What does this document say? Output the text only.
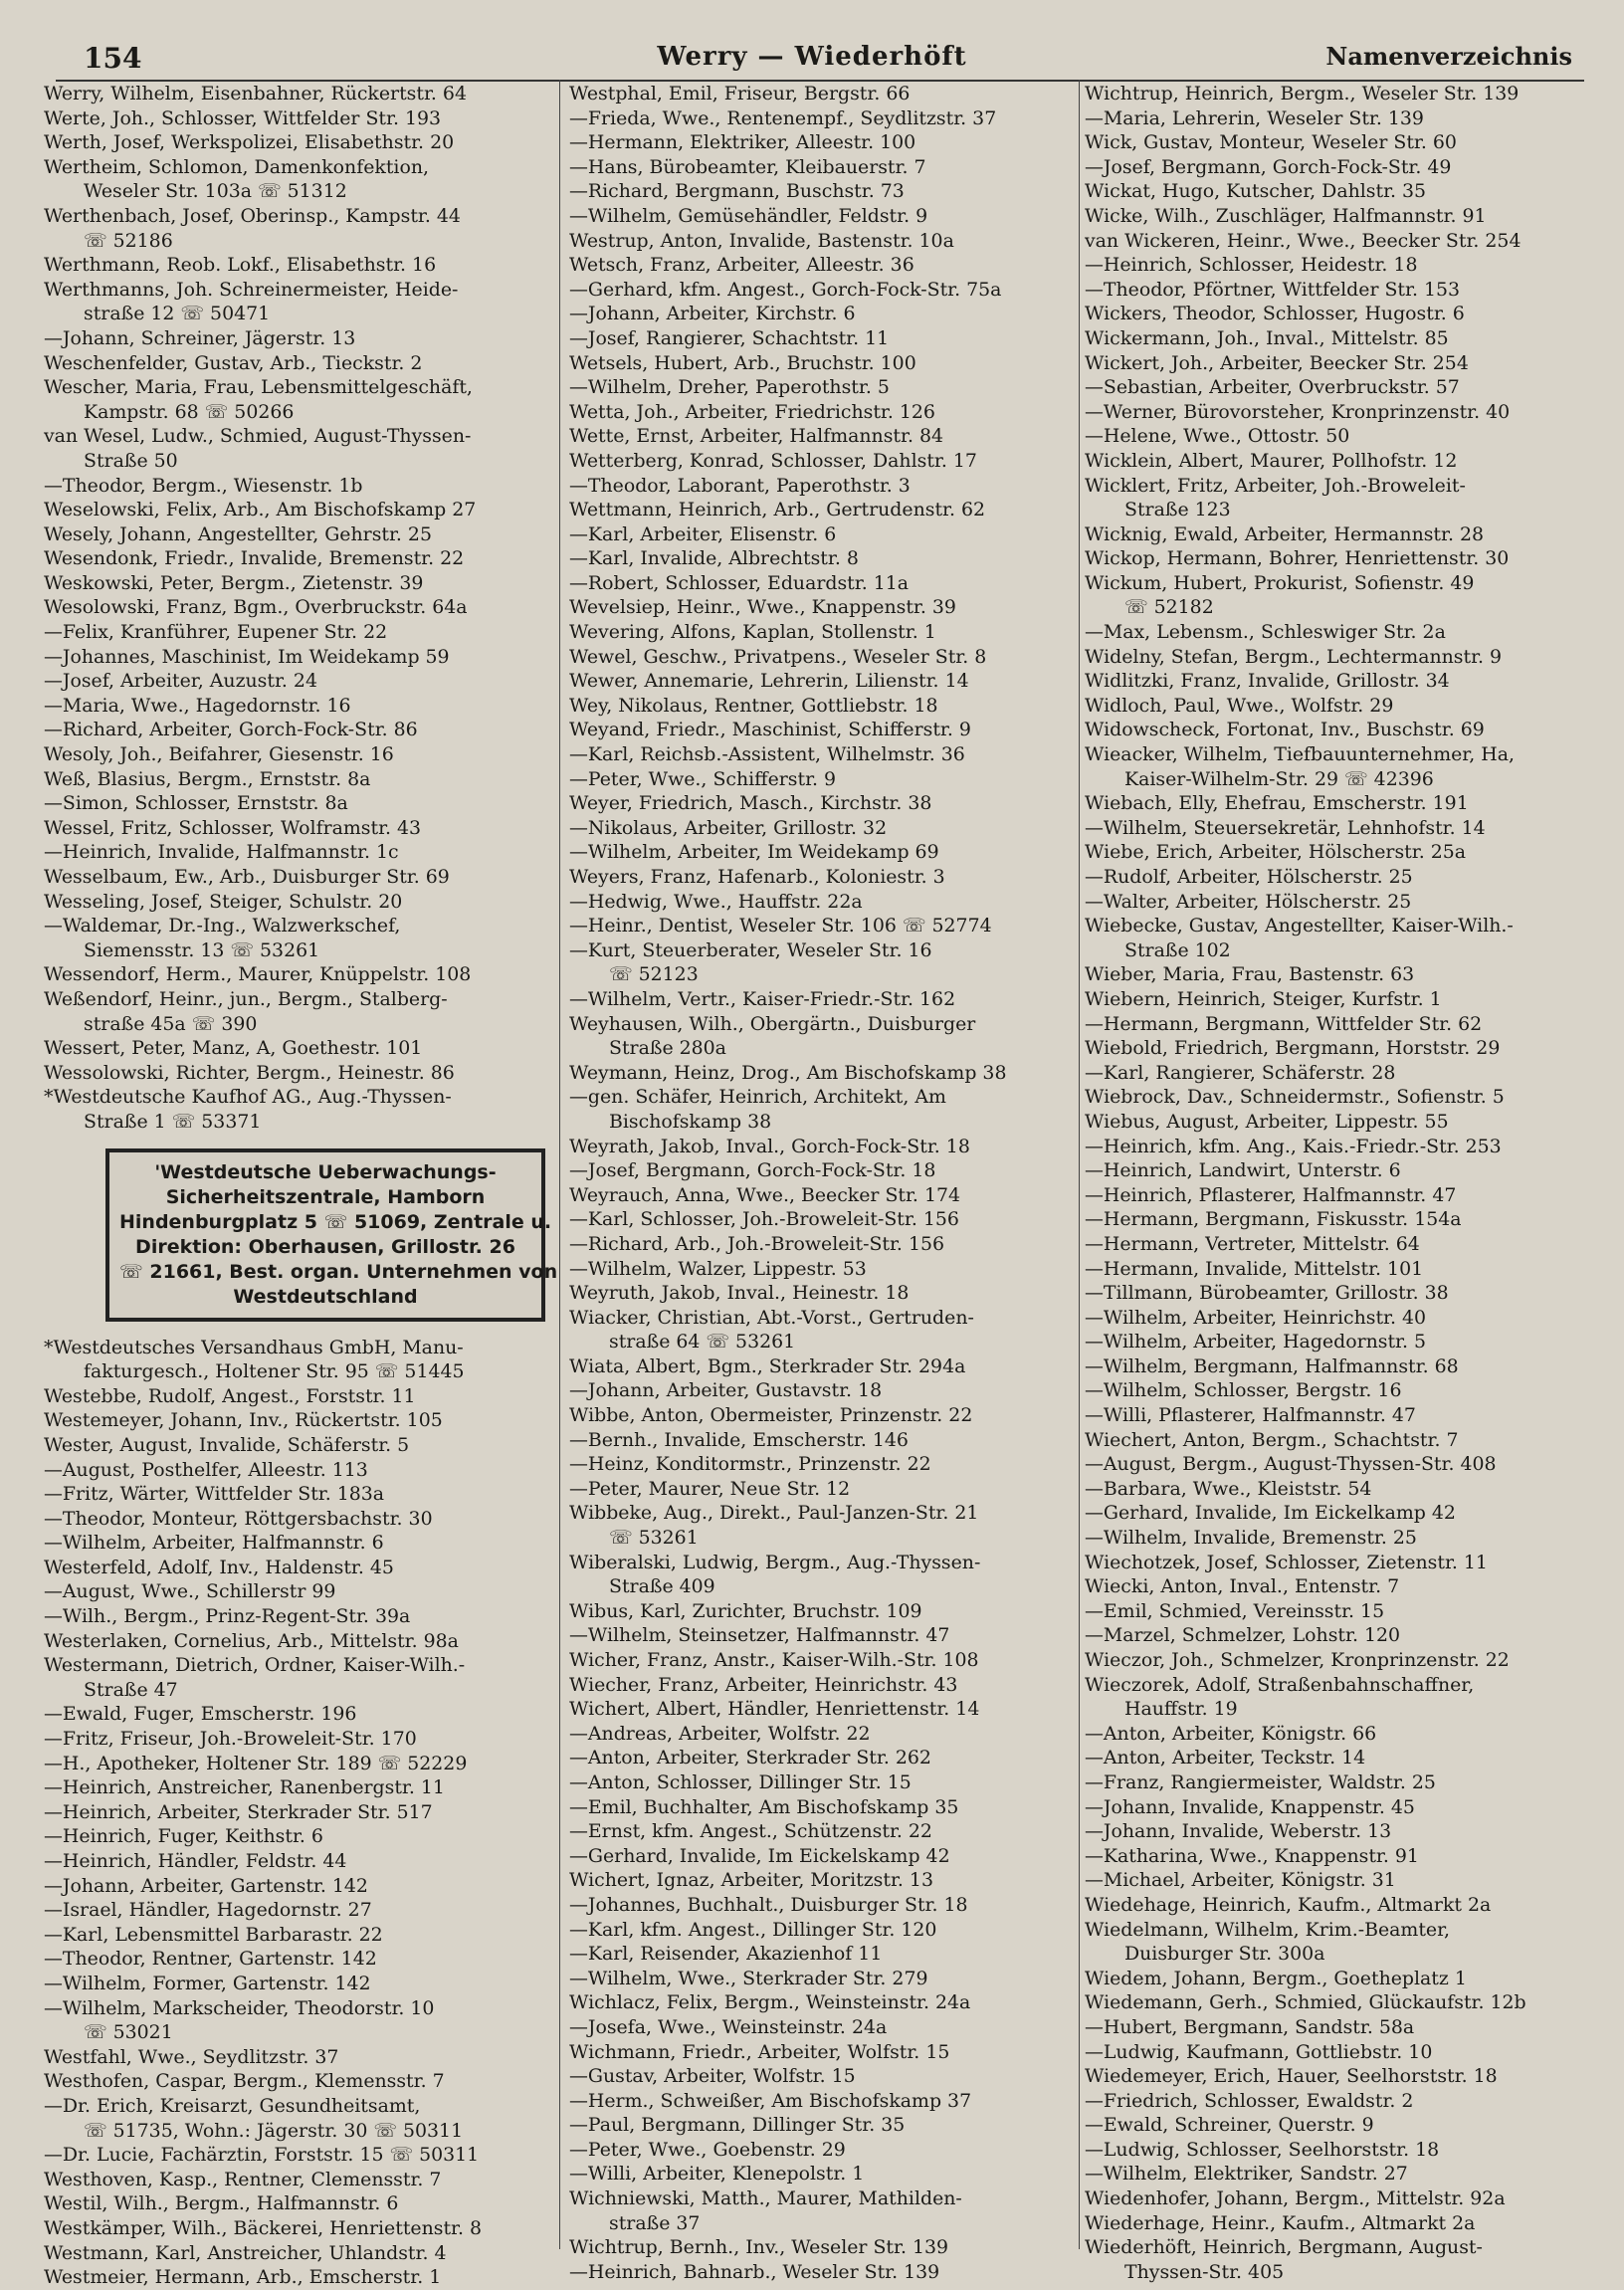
154	Werry — Wiederhöft	Namenverzeichnis
Werry, Wilhelm, Eisenbahner, Rückertstr. 64
Werte, Joh., Schlosser, Wittfelder Str. 193
Werth, Josef, Werkspolizei, Elisabethstr. 20
Wertheim, Schlomon, Damenkonfektion,
Weseler Str. 103a ☏ 51312
Werthenbach, Josef, Oberinsp., Kampstr. 44
☏ 52186
Werthmann, Reob. Lokf., Elisabethstr. 16
Werthmanns, Joh. Schreinermeister, Heide-
straße 12 ☏ 50471
—Johann, Schreiner, Jägerstr. 13
Weschenfelder, Gustav, Arb., Tieckstr. 2
Wescher, Maria, Frau, Lebensmittelgeschäft,
Kampstr. 68 ☏ 50266
van Wesel, Ludw., Schmied, August-Thyssen-
Straße 50
—Theodor, Bergm., Wiesenstr. 1b
Weselowski, Felix, Arb., Am Bischofskamp 27
Wesely, Johann, Angestellter, Gehrstr. 25
Wesendonk, Friedr., Invalide, Bremenstr. 22
Weskowski, Peter, Bergm., Zietenstr. 39
Wesolowski, Franz, Bgm., Overbruckstr. 64a
—Felix, Kranführer, Eupener Str. 22
—Johannes, Maschinist, Im Weidekamp 59
—Josef, Arbeiter, Auzustr. 24
—Maria, Wwe., Hagedornstr. 16
—Richard, Arbeiter, Gorch-Fock-Str. 86
Wesoly, Joh., Beifahrer, Giesenstr. 16
Weß, Blasius, Bergm., Ernststr. 8a
—Simon, Schlosser, Ernststr. 8a
Wessel, Fritz, Schlosser, Wolframstr. 43
—Heinrich, Invalide, Halfmannstr. 1c
Wesselbaum, Ew., Arb., Duisburger Str. 69
Wesseling, Josef, Steiger, Schulstr. 20
—Waldemar, Dr.-Ing., Walzwerkschef,
Siemensstr. 13 ☏ 53261
Wessendorf, Herm., Maurer, Knüppelstr. 108
Weßendorf, Heinr., jun., Bergm., Stalberg-
straße 45a ☏ 390
Wessert, Peter, Manz, A, Goethestr. 101
Wessolowski, Richter, Bergm., Heinestr. 86
*Westdeutsche Kaufhof AG., Aug.-Thyssen-
Straße 1 ☏ 53371
'Westdeutsche Ueberwachungs-
Sicherheitszentrale, Hamborn
Hindenburgplatz 5 ☏ 51069, Zentrale u.
Direktion: Oberhausen, Grillostr. 26
☏ 21661, Best. organ. Unternehmen von
Westdeutschland
*Westdeutsches Versandhaus GmbH, Manu-
fakturgesch., Holtener Str. 95 ☏ 51445
Westebbe, Rudolf, Angest., Forststr. 11
Westemeyer, Johann, Inv., Rückertstr. 105
Wester, August, Invalide, Schäferstr. 5
—August, Posthelfer, Alleestr. 113
—Fritz, Wärter, Wittfelder Str. 183a
—Theodor, Monteur, Röttgersbachstr. 30
—Wilhelm, Arbeiter, Halfmannstr. 6
Westerfeld, Adolf, Inv., Haldenstr. 45
—August, Wwe., Schillerstr 99
—Wilh., Bergm., Prinz-Regent-Str. 39a
Westerlaken, Cornelius, Arb., Mittelstr. 98a
Westermann, Dietrich, Ordner, Kaiser-Wilh.-
Straße 47
—Ewald, Fuger, Emscherstr. 196
—Fritz, Friseur, Joh.-Broweleit-Str. 170
—H., Apotheker, Holtener Str. 189 ☏ 52229
—Heinrich, Anstreicher, Ranenbergstr. 11
—Heinrich, Arbeiter, Sterkrader Str. 517
—Heinrich, Fuger, Keithstr. 6
—Heinrich, Händler, Feldstr. 44
—Johann, Arbeiter, Gartenstr. 142
—Israel, Händler, Hagedornstr. 27
—Karl, Lebensmittel Barbarastr. 22
—Theodor, Rentner, Gartenstr. 142
—Wilhelm, Former, Gartenstr. 142
—Wilhelm, Markscheider, Theodorstr. 10
☏ 53021
Westfahl, Wwe., Seydlitzstr. 37
Westhofen, Caspar, Bergm., Klemensstr. 7
—Dr. Erich, Kreisarzt, Gesundheitsamt,
☏ 51735, Wohn.: Jägerstr. 30 ☏ 50311
—Dr. Lucie, Fachärztin, Forststr. 15 ☏ 50311
Westhoven, Kasp., Rentner, Clemensstr. 7
Westil, Wilh., Bergm., Halfmannstr. 6
Westkämper, Wilh., Bäckerei, Henriettenstr. 8
Westmann, Karl, Anstreicher, Uhlandstr. 4
Westmeier, Hermann, Arb., Emscherstr. 1
Westphal, Emil, Friseur, Bergstr. 66
—Frieda, Wwe., Rentenempf., Seydlitzstr. 37
—Hermann, Elektriker, Alleestr. 100
—Hans, Bürobeamter, Kleibauerstr. 7
—Richard, Bergmann, Buschstr. 73
—Wilhelm, Gemüsehändler, Feldstr. 9
Westrup, Anton, Invalide, Bastenstr. 10a
Wetsch, Franz, Arbeiter, Alleestr. 36
—Gerhard, kfm. Angest., Gorch-Fock-Str. 75a
—Johann, Arbeiter, Kirchstr. 6
—Josef, Rangierer, Schachtstr. 11
Wetsels, Hubert, Arb., Bruchstr. 100
—Wilhelm, Dreher, Paperothstr. 5
Wetta, Joh., Arbeiter, Friedrichstr. 126
Wette, Ernst, Arbeiter, Halfmannstr. 84
Wetterberg, Konrad, Schlosser, Dahlstr. 17
—Theodor, Laborant, Paperothstr. 3
Wettmann, Heinrich, Arb., Gertrudenstr. 62
—Karl, Arbeiter, Elisenstr. 6
—Karl, Invalide, Albrechtstr. 8
—Robert, Schlosser, Eduardstr. 11a
Wevelsiep, Heinr., Wwe., Knappenstr. 39
Wevering, Alfons, Kaplan, Stollenstr. 1
Wewel, Geschw., Privatpens., Weseler Str. 8
Wewer, Annemarie, Lehrerin, Lilienstr. 14
Wey, Nikolaus, Rentner, Gottliebstr. 18
Weyand, Friedr., Maschinist, Schifferstr. 9
—Karl, Reichsb.-Assistent, Wilhelmstr. 36
—Peter, Wwe., Schifferstr. 9
Weyer, Friedrich, Masch., Kirchstr. 38
—Nikolaus, Arbeiter, Grillostr. 32
—Wilhelm, Arbeiter, Im Weidekamp 69
Weyers, Franz, Hafenarb., Koloniestr. 3
—Hedwig, Wwe., Hauffstr. 22a
—Heinr., Dentist, Weseler Str. 106 ☏ 52774
—Kurt, Steuerberater, Weseler Str. 16
☏ 52123
—Wilhelm, Vertr., Kaiser-Friedr.-Str. 162
Weyhausen, Wilh., Obergärtn., Duisburger
Straße 280a
Weymann, Heinz, Drog., Am Bischofskamp 38
—gen. Schäfer, Heinrich, Architekt, Am
Bischofskamp 38
Weyrath, Jakob, Inval., Gorch-Fock-Str. 18
—Josef, Bergmann, Gorch-Fock-Str. 18
Weyrauch, Anna, Wwe., Beecker Str. 174
—Karl, Schlosser, Joh.-Broweleit-Str. 156
—Richard, Arb., Joh.-Broweleit-Str. 156
—Wilhelm, Walzer, Lippestr. 53
Weyruth, Jakob, Inval., Heinestr. 18
Wiacker, Christian, Abt.-Vorst., Gertruden-
straße 64 ☏ 53261
Wiata, Albert, Bgm., Sterkrader Str. 294a
—Johann, Arbeiter, Gustavstr. 18
Wibbe, Anton, Obermeister, Prinzenstr. 22
—Bernh., Invalide, Emscherstr. 146
—Heinz, Konditormstr., Prinzenstr. 22
—Peter, Maurer, Neue Str. 12
Wibbeke, Aug., Direkt., Paul-Janzen-Str. 21
☏ 53261
Wiberalski, Ludwig, Bergm., Aug.-Thyssen-
Straße 409
Wibus, Karl, Zurichter, Bruchstr. 109
—Wilhelm, Steinsetzer, Halfmannstr. 47
Wicher, Franz, Anstr., Kaiser-Wilh.-Str. 108
Wiecher, Franz, Arbeiter, Heinrichstr. 43
Wichert, Albert, Händler, Henriettenstr. 14
—Andreas, Arbeiter, Wolfstr. 22
—Anton, Arbeiter, Sterkrader Str. 262
—Anton, Schlosser, Dillinger Str. 15
—Emil, Buchhalter, Am Bischofskamp 35
—Ernst, kfm. Angest., Schützenstr. 22
—Gerhard, Invalide, Im Eickelskamp 42
Wichert, Ignaz, Arbeiter, Moritzstr. 13
—Johannes, Buchhalt., Duisburger Str. 18
—Karl, kfm. Angest., Dillinger Str. 120
—Karl, Reisender, Akazienhof 11
—Wilhelm, Wwe., Sterkrader Str. 279
Wichlacz, Felix, Bergm., Weinsteinstr. 24a
—Josefa, Wwe., Weinsteinstr. 24a
Wichmann, Friedr., Arbeiter, Wolfstr. 15
—Gustav, Arbeiter, Wolfstr. 15
—Herm., Schweißer, Am Bischofskamp 37
—Paul, Bergmann, Dillinger Str. 35
—Peter, Wwe., Goebenstr. 29
—Willi, Arbeiter, Klenepolstr. 1
Wichniewski, Matth., Maurer, Mathilden-
straße 37
Wichtrup, Bernh., Inv., Weseler Str. 139
—Heinrich, Bahnarb., Weseler Str. 139
Wichtrup, Heinrich, Bergm., Weseler Str. 139
—Maria, Lehrerin, Weseler Str. 139
Wick, Gustav, Monteur, Weseler Str. 60
—Josef, Bergmann, Gorch-Fock-Str. 49
Wickat, Hugo, Kutscher, Dahlstr. 35
Wicke, Wilh., Zuschläger, Halfmannstr. 91
van Wickeren, Heinr., Wwe., Beecker Str. 254
—Heinrich, Schlosser, Heidestr. 18
—Theodor, Pförtner, Wittfelder Str. 153
Wickers, Theodor, Schlosser, Hugostr. 6
Wickermann, Joh., Inval., Mittelstr. 85
Wickert, Joh., Arbeiter, Beecker Str. 254
—Sebastian, Arbeiter, Overbruckstr. 57
—Werner, Bürovorsteher, Kronprinzenstr. 40
—Helene, Wwe., Ottostr. 50
Wicklein, Albert, Maurer, Pollhofstr. 12
Wicklert, Fritz, Arbeiter, Joh.-Broweleit-
Straße 123
Wicknig, Ewald, Arbeiter, Hermannstr. 28
Wickop, Hermann, Bohrer, Henriettenstr. 30
Wickum, Hubert, Prokurist, Sofienstr. 49
☏ 52182
—Max, Lebensm., Schleswiger Str. 2a
Widelny, Stefan, Bergm., Lechtermannstr. 9
Widlitzki, Franz, Invalide, Grillostr. 34
Widloch, Paul, Wwe., Wolfstr. 29
Widowscheck, Fortonat, Inv., Buschstr. 69
Wieacker, Wilhelm, Tiefbauunternehmer, Ha,
Kaiser-Wilhelm-Str. 29 ☏ 42396
Wiebach, Elly, Ehefrau, Emscherstr. 191
—Wilhelm, Steuersekretär, Lehnhofstr. 14
Wiebe, Erich, Arbeiter, Hölscherstr. 25a
—Rudolf, Arbeiter, Hölscherstr. 25
—Walter, Arbeiter, Hölscherstr. 25
Wiebecke, Gustav, Angestellter, Kaiser-Wilh.-
Straße 102
Wieber, Maria, Frau, Bastenstr. 63
Wiebern, Heinrich, Steiger, Kurfstr. 1
—Hermann, Bergmann, Wittfelder Str. 62
Wiebold, Friedrich, Bergmann, Horststr. 29
—Karl, Rangierer, Schäferstr. 28
Wiebrock, Dav., Schneidermstr., Sofienstr. 5
Wiebus, August, Arbeiter, Lippestr. 55
—Heinrich, kfm. Ang., Kais.-Friedr.-Str. 253
—Heinrich, Landwirt, Unterstr. 6
—Heinrich, Pflasterer, Halfmannstr. 47
—Hermann, Bergmann, Fiskusstr. 154a
—Hermann, Vertreter, Mittelstr. 64
—Hermann, Invalide, Mittelstr. 101
—Tillmann, Bürobeamter, Grillostr. 38
—Wilhelm, Arbeiter, Heinrichstr. 40
—Wilhelm, Arbeiter, Hagedornstr. 5
—Wilhelm, Bergmann, Halfmannstr. 68
—Wilhelm, Schlosser, Bergstr. 16
—Willi, Pflasterer, Halfmannstr. 47
Wiechert, Anton, Bergm., Schachtstr. 7
—August, Bergm., August-Thyssen-Str. 408
—Barbara, Wwe., Kleiststr. 54
—Gerhard, Invalide, Im Eickelkamp 42
—Wilhelm, Invalide, Bremenstr. 25
Wiechotzek, Josef, Schlosser, Zietenstr. 11
Wiecki, Anton, Inval., Entenstr. 7
—Emil, Schmied, Vereinsstr. 15
—Marzel, Schmelzer, Lohstr. 120
Wieczor, Joh., Schmelzer, Kronprinzenstr. 22
Wieczorek, Adolf, Straßenbahnschaffner,
Hauffstr. 19
—Anton, Arbeiter, Königstr. 66
—Anton, Arbeiter, Teckstr. 14
—Franz, Rangiermeister, Waldstr. 25
—Johann, Invalide, Knappenstr. 45
—Johann, Invalide, Weberstr. 13
—Katharina, Wwe., Knappenstr. 91
—Michael, Arbeiter, Königstr. 31
Wiedehage, Heinrich, Kaufm., Altmarkt 2a
Wiedelmann, Wilhelm, Krim.-Beamter,
Duisburger Str. 300a
Wiedem, Johann, Bergm., Goetheplatz 1
Wiedemann, Gerh., Schmied, Glückaufstr. 12b
—Hubert, Bergmann, Sandstr. 58a
—Ludwig, Kaufmann, Gottliebstr. 10
Wiedemeyer, Erich, Hauer, Seelhorststr. 18
—Friedrich, Schlosser, Ewaldstr. 2
—Ewald, Schreiner, Querstr. 9
—Ludwig, Schlosser, Seelhorststr. 18
—Wilhelm, Elektriker, Sandstr. 27
Wiedenhofer, Johann, Bergm., Mittelstr. 92a
Wiederhage, Heinr., Kaufm., Altmarkt 2a
Wiederhöft, Heinrich, Bergmann, August-
Thyssen-Str. 405
